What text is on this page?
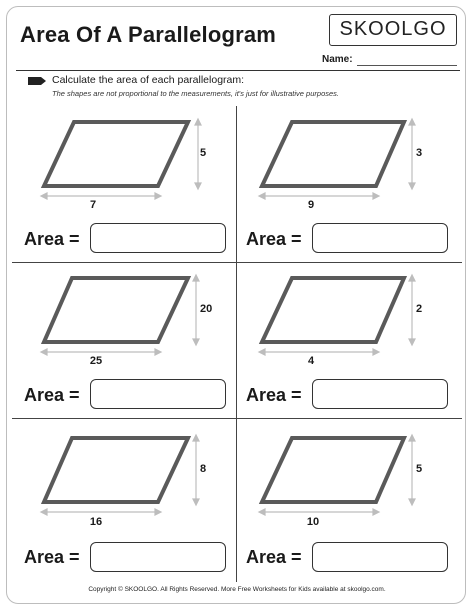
Area Of A Parallelogram	SKOOLGO
Name:
Calculate the area of each parallelogram:
The shapes are not proportional to the measurements, it's just for illustrative purposes.
5
7
Area =
3
9
Area =
20
25
Area =
2
4
Area =
8
16
Area =
5
10
Area =
Copyright © SKOOLGO. All Rights Reserved. More Free Worksheets for Kids available at skoolgo.com.
